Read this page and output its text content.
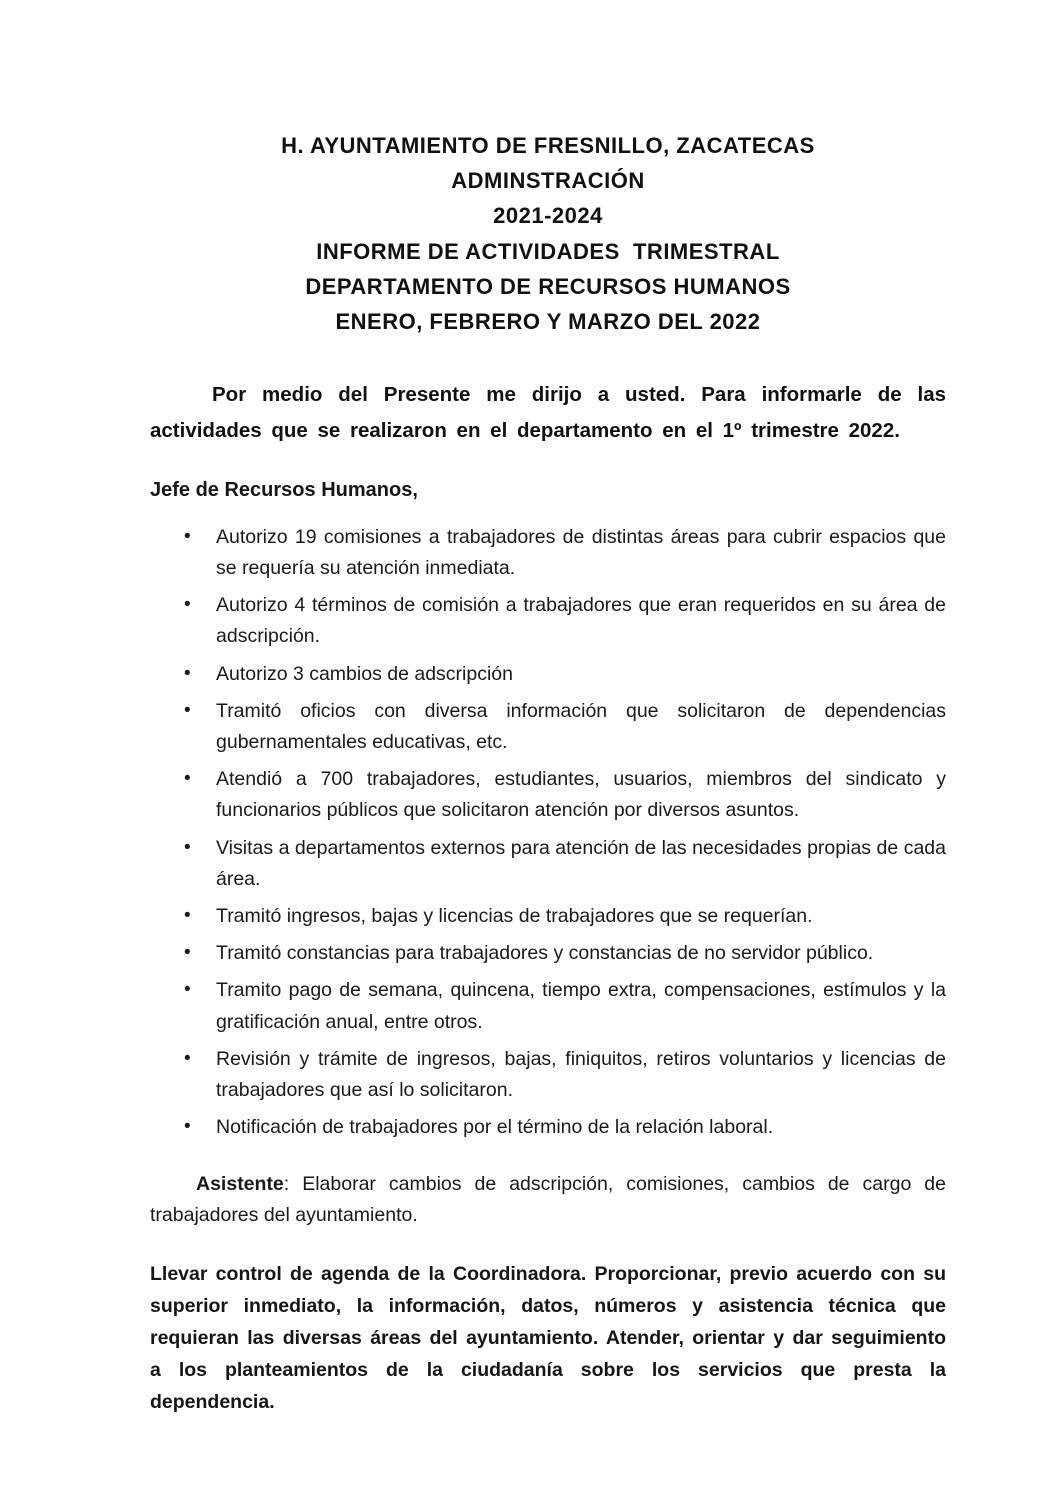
H. AYUNTAMIENTO DE FRESNILLO, ZACATECAS
ADMINSTRACIÓN
2021-2024
INFORME DE ACTIVIDADES  TRIMESTRAL
DEPARTAMENTO DE RECURSOS HUMANOS
ENERO, FEBRERO Y MARZO DEL 2022

Por medio del Presente me dirijo a usted. Para informarle de las actividades que se realizaron en el departamento en el 1º trimestre 2022.

Jefe de Recursos Humanos,

• Autorizo 19 comisiones a trabajadores de distintas áreas para cubrir espacios que se requería su atención inmediata.
• Autorizo 4 términos de comisión a trabajadores que eran requeridos en su área de adscripción.
• Autorizo 3 cambios de adscripción
• Tramitó oficios con diversa información que solicitaron de dependencias gubernamentales educativas, etc.
• Atendió a 700 trabajadores, estudiantes, usuarios, miembros del sindicato y funcionarios públicos que solicitaron atención por diversos asuntos.
• Visitas a departamentos externos para atención de las necesidades propias de cada área.
• Tramitó ingresos, bajas y licencias de trabajadores que se requerían.
• Tramitó constancias para trabajadores y constancias de no servidor público.
• Tramito pago de semana, quincena, tiempo extra, compensaciones, estímulos y la gratificación anual, entre otros.
• Revisión y trámite de ingresos, bajas, finiquitos, retiros voluntarios y licencias de trabajadores que así lo solicitaron.
• Notificación de trabajadores por el término de la relación laboral.

Asistente: Elaborar cambios de adscripción, comisiones, cambios de cargo de trabajadores del ayuntamiento.

Llevar control de agenda de la Coordinadora. Proporcionar, previo acuerdo con su superior inmediato, la información, datos, números y asistencia técnica que requieran las diversas áreas del ayuntamiento. Atender, orientar y dar seguimiento a los planteamientos de la ciudadanía sobre los servicios que presta la dependencia.
